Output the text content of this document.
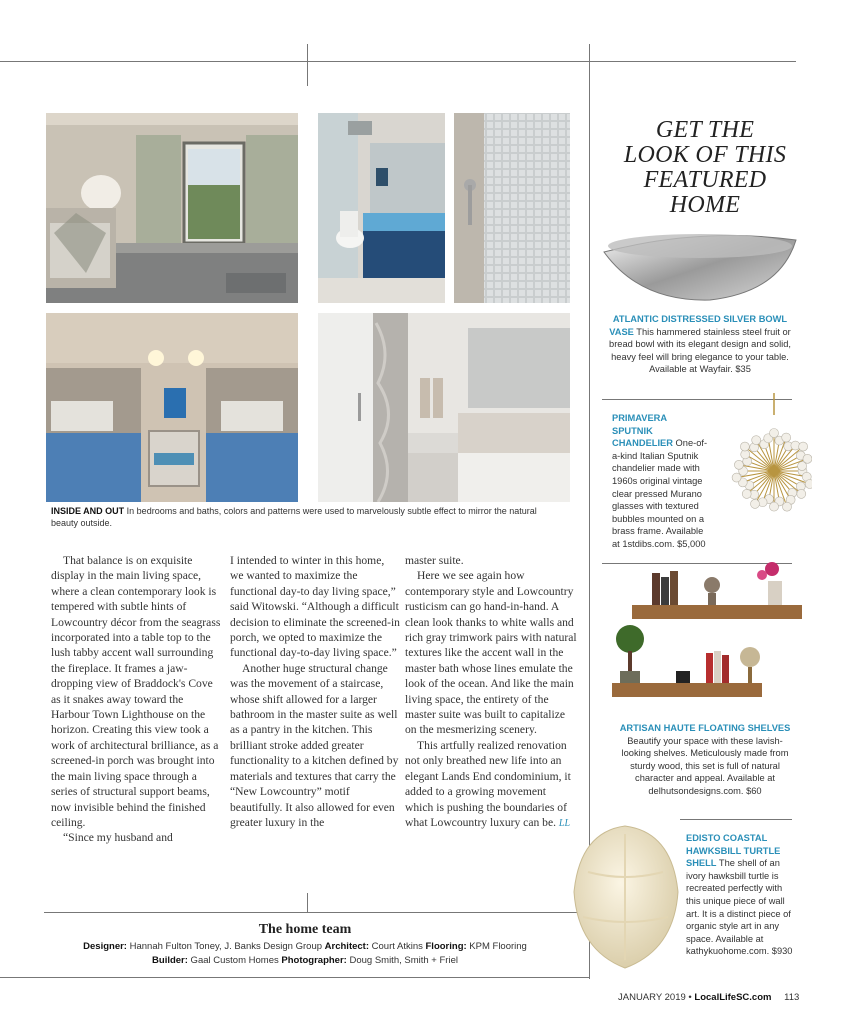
INSIDE AND OUT In bedrooms and baths, colors and patterns were used to marvelously subtle effect to mirror the natural beauty outside.

That balance is on exquisite display in the main living space, where a clean contemporary look is tempered with subtle hints of Lowcountry décor from the seagrass incorporated into a table top to the lush tabby accent wall surrounding the fireplace. It frames a jaw-dropping view of Braddock's Cove as it snakes away toward the Harbour Town Lighthouse on the horizon. Creating this view took a work of architectural brilliance, as a screened-in porch was brought into the main living space through a series of structural support beams, now invisible behind the finished ceiling.

“Since my husband and

I intended to winter in this home, we wanted to maximize the functional day-to day living space,” said Witowski. “Although a difficult decision to eliminate the screened-in porch, we opted to maximize the functional day-to-day living space.”

Another huge structural change was the movement of a staircase, whose shift allowed for a larger bathroom in the master suite as well as a pantry in the kitchen. This brilliant stroke added greater functionality to a kitchen defined by materials and textures that carry the “New Lowcountry” motif beautifully. It also allowed for even greater luxury in the

master suite.

Here we see again how contemporary style and Lowcountry rusticism can go hand-in-hand. A clean look thanks to white walls and rich gray trimwork pairs with natural textures like the accent wall in the master bath whose lines emulate the look of the ocean. And like the main living space, the entirety of the master suite was built to capitalize on the mesmerizing scenery.

This artfully realized renovation not only breathed new life into an elegant Lands End condominium, it added to a growing movement which is pushing the boundaries of what Lowcountry luxury can be. LL

GET THE
LOOK OF THIS
FEATURED
HOME
ATLANTIC DISTRESSED SILVER BOWL VASE This hammered stainless steel fruit or bread bowl with its elegant design and solid, heavy feel will bring elegance to your table. Available at Wayfair. $35
PRIMAVERA SPUTNIK CHANDELIER One-of-a-kind Italian Sputnik chandelier made with 1960s original vintage clear pressed Murano glasses with textured bubbles mounted on a brass frame. Available at 1stdibs.com. $5,000
ARTISAN HAUTE FLOATING SHELVES
Beautify your space with these lavish-looking shelves. Meticulously made from sturdy wood, this set is full of natural character and appeal. Available at delhutsondesigns.com. $60
EDISTO COASTAL HAWKSBILL TURTLE SHELL The shell of an ivory hawksbill turtle is recreated perfectly with this unique piece of wall art. It is a distinct piece of organic style art in any space. Available at kathykuohome.com. $930
The home team
Designer: Hannah Fulton Toney, J. Banks Design Group Architect: Court Atkins Flooring: KPM Flooring
Builder: Gaal Custom Homes Photographer: Doug Smith, Smith + Friel
JANUARY 2019 • LocalLifeSC.com 113
